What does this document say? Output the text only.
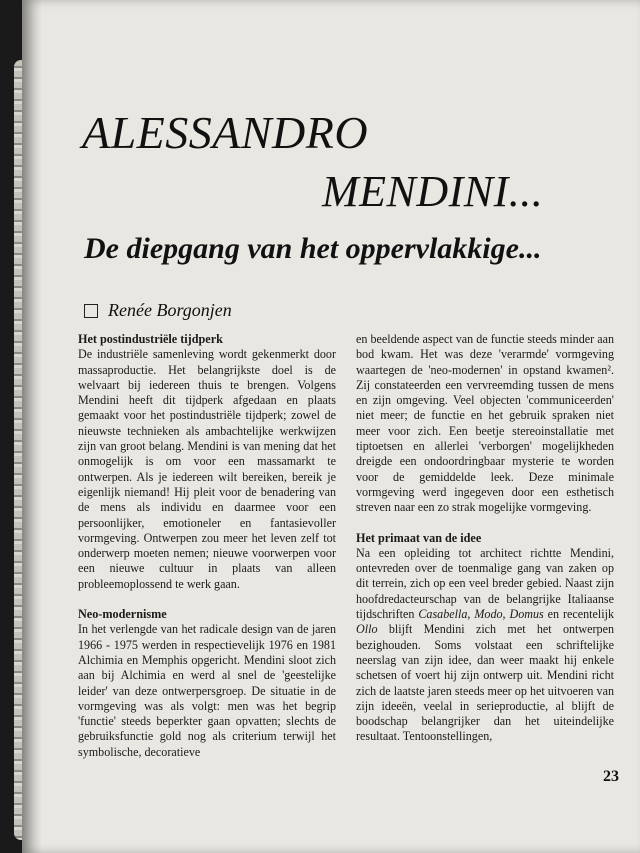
ALESSANDRO
MENDINI...
De diepgang van het oppervlakkige...
Renée Borgonjen

Het postindustriële tijdperk

De industriële samenleving wordt gekenmerkt door massaproductie. Het belangrijkste doel is de welvaart bij iedereen thuis te brengen. Volgens Mendini heeft dit tijdperk afgedaan en plaats gemaakt voor het postindustriële tijdperk; zowel de nieuwste technieken als ambachtelijke werkwijzen zijn van groot belang. Mendini is van mening dat het onmogelijk is om voor een massamarkt te ontwerpen. Als je iedereen wilt bereiken, bereik je eigenlijk niemand! Hij pleit voor de benadering van de mens als individu en daarmee voor een persoonlijker, emotioneler en fantasievoller vormgeving. Ontwerpen zou meer het leven zelf tot onderwerp moeten nemen; nieuwe voorwerpen voor een nieuwe cultuur in plaats van alleen probleemoplossend te werk gaan.

Neo-modernisme

In het verlengde van het radicale design van de jaren 1966 - 1975 werden in respectievelijk 1976 en 1981 Alchimia en Memphis opgericht. Mendini sloot zich aan bij Alchimia en werd al snel de 'geestelijke leider' van deze ontwerpersgroep. De situatie in de vormgeving was als volgt: men was het begrip 'functie' steeds beperkter gaan opvatten; slechts de gebruiksfunctie gold nog als criterium terwijl het symbolische, decoratieve

en beeldende aspect van de functie steeds minder aan bod kwam. Het was deze 'verarmde' vormgeving waartegen de 'neo-modernen' in opstand kwamen². Zij constateerden een vervreemding tussen de mens en zijn omgeving. Veel objecten 'communiceerden' niet meer; de functie en het gebruik spraken niet meer voor zich. Een beetje stereoinstallatie met tiptoetsen en allerlei 'verborgen' mogelijkheden dreigde een ondoordringbaar mysterie te worden voor de gemiddelde leek. Deze minimale vormgeving werd ingegeven door een esthetisch streven naar een zo strak mogelijke vormgeving.

Het primaat van de idee

Na een opleiding tot architect richtte Mendini, ontevreden over de toenmalige gang van zaken op dit terrein, zich op een veel breder gebied. Naast zijn hoofdredacteurschap van de belangrijke Italiaanse tijdschriften Casabella, Modo, Domus en recentelijk Ollo blijft Mendini zich met het ontwerpen bezighouden. Soms volstaat een schriftelijke neerslag van zijn idee, dan weer maakt hij enkele schetsen of voert hij zijn ontwerp uit. Mendini richt zich de laatste jaren steeds meer op het uitvoeren van zijn ideeën, veelal in serieproductie, al blijft de boodschap belangrijker dan het uiteindelijke resultaat. Tentoonstellingen,

23
